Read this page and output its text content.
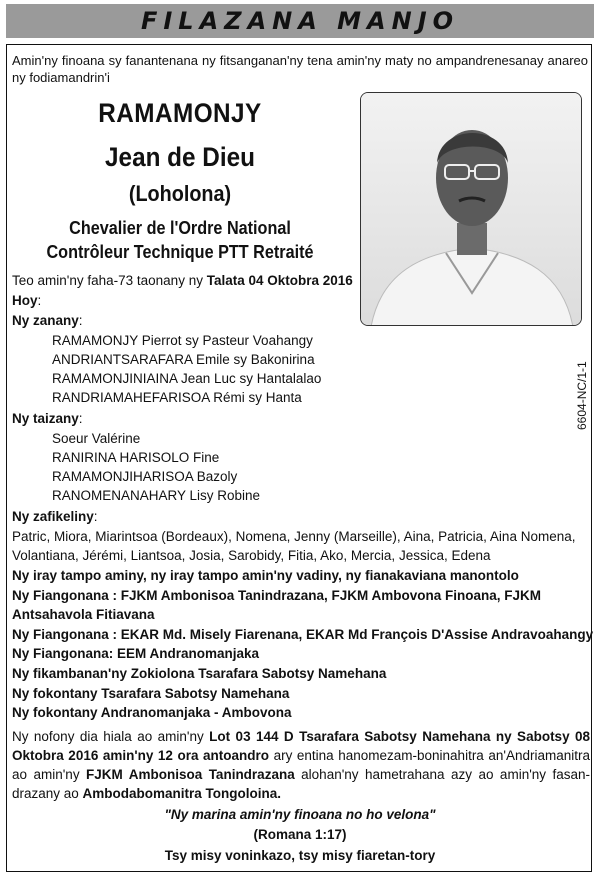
FILAZANA MANJO
Amin'ny finoana sy fanantenana ny fitsanganan'ny tena amin'ny maty no ampandrenesanay anareo ny fodiamandrin'i
RAMAMONJY
Jean de Dieu
(Loholona)
Chevalier de l'Ordre National
Contrôleur Technique PTT Retraité
6604-NC/1-1
Teo amin'ny faha-73 taonany ny Talata 04 Oktobra 2016
Hoy:
Ny zanany:
RAMAMONJY Pierrot sy Pasteur Voahangy
ANDRIANTSARAFARA Emile sy Bakonirina
RAMAMONJINIAINA Jean Luc sy Hantalalao
RANDRIAMAHEFARISOA Rémi sy Hanta
Ny taizany:
Soeur Valérine
RANIRINA HARISOLO Fine
RAMAMONJIHARISOA Bazoly
RANOMENANAHARY Lisy Robine
Ny zafikeliny:
Patric, Miora, Miarintsoa (Bordeaux), Nomena, Jenny (Marseille), Aina, Patricia, Aina Nomena,
Volantiana, Jérémi, Liantsoa, Josia, Sarobidy, Fitia, Ako, Mercia, Jessica, Edena
Ny iray tampo aminy, ny iray tampo amin'ny vadiny, ny fianakaviana manontolo
Ny Fiangonana : FJKM Ambonisoa Tanindrazana, FJKM Ambovona Finoana, FJKM
Antsahavola Fitiavana
Ny Fiangonana : EKAR Md. Misely Fiarenana, EKAR Md François D'Assise Andravoahangy
Ny Fiangonana: EEM Andranomanjaka
Ny fikambanan'ny Zokiolona Tsarafara Sabotsy Namehana
Ny fokontany Tsarafara Sabotsy Namehana
Ny fokontany Andranomanjaka - Ambovona
Ny nofony dia hiala ao amin'ny Lot 03 144 D Tsarafara Sabotsy Namehana ny Sabotsy 08 Oktobra 2016 amin'ny 12 ora antoandro ary entina hanomezam-boninahitra an'Andriamanitra ao amin'ny FJKM Ambonisoa Tanindrazana alohan'ny hametrahana azy ao amin'ny fasan-drazany ao Ambodabomanitra Tongoloina.
"Ny marina amin'ny finoana no ho velona"
(Romana 1:17)
Tsy misy voninkazo, tsy misy fiaretan-tory
